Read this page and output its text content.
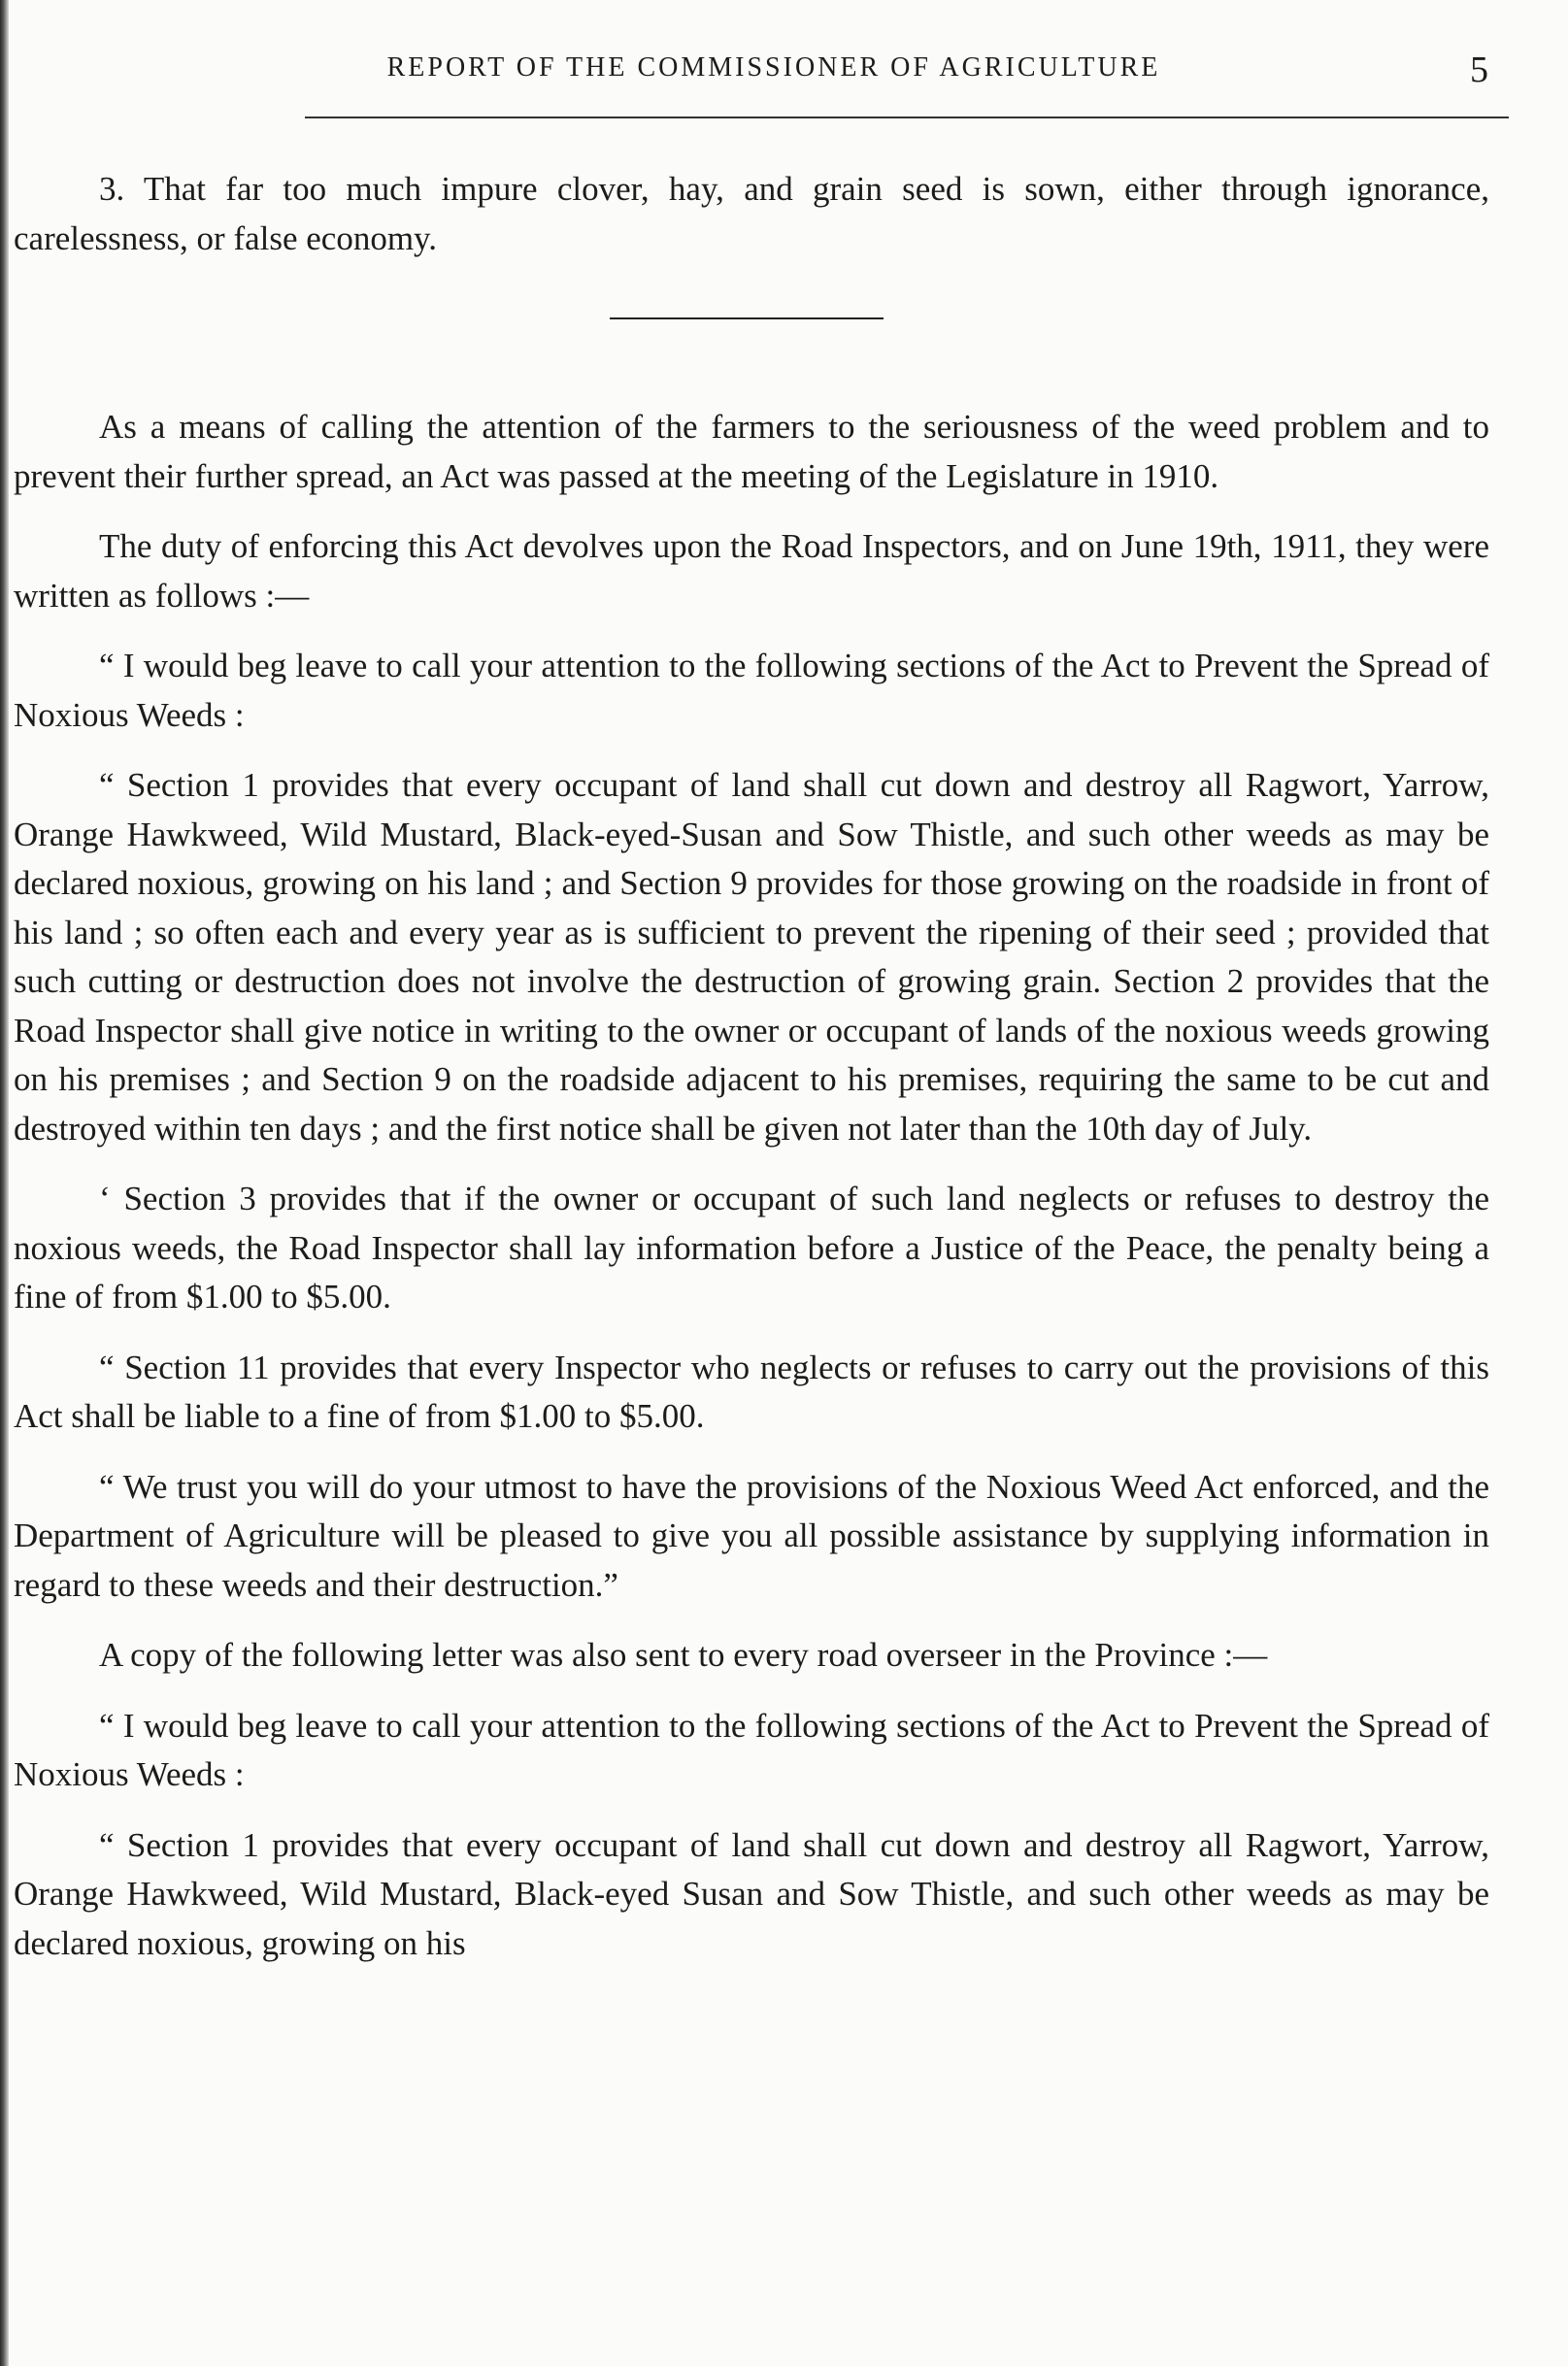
REPORT OF THE COMMISSIONER OF AGRICULTURE	5

3. That far too much impure clover, hay, and grain seed is sown, either through ignorance, carelessness, or false economy.

As a means of calling the attention of the farmers to the seriousness of the weed problem and to prevent their further spread, an Act was passed at the meeting of the Legislature in 1910.

The duty of enforcing this Act devolves upon the Road Inspectors, and on June 19th, 1911, they were written as follows :—

“ I would beg leave to call your attention to the following sections of the Act to Prevent the Spread of Noxious Weeds :

“ Section 1 provides that every occupant of land shall cut down and destroy all Ragwort, Yarrow, Orange Hawkweed, Wild Mustard, Black-eyed-Susan and Sow Thistle, and such other weeds as may be declared noxious, growing on his land ; and Section 9 provides for those growing on the roadside in front of his land ; so often each and every year as is sufficient to prevent the ripening of their seed ; provided that such cutting or destruction does not involve the destruction of growing grain. Section 2 provides that the Road Inspector shall give notice in writing to the owner or occupant of lands of the noxious weeds growing on his premises ; and Section 9 on the roadside adjacent to his premises, requiring the same to be cut and destroyed within ten days ; and the first notice shall be given not later than the 10th day of July.

‘ Section 3 provides that if the owner or occupant of such land neglects or refuses to destroy the noxious weeds, the Road Inspector shall lay information before a Justice of the Peace, the penalty being a fine of from $1.00 to $5.00.

“ Section 11 provides that every Inspector who neglects or refuses to carry out the provisions of this Act shall be liable to a fine of from $1.00 to $5.00.

“ We trust you will do your utmost to have the provisions of the Noxious Weed Act enforced, and the Department of Agriculture will be pleased to give you all possible assistance by supplying information in regard to these weeds and their destruction.”

A copy of the following letter was also sent to every road overseer in the Province :—

“ I would beg leave to call your attention to the following sections of the Act to Prevent the Spread of Noxious Weeds :

“ Section 1 provides that every occupant of land shall cut down and destroy all Ragwort, Yarrow, Orange Hawkweed, Wild Mustard, Black-eyed Susan and Sow Thistle, and such other weeds as may be declared noxious, growing on his
